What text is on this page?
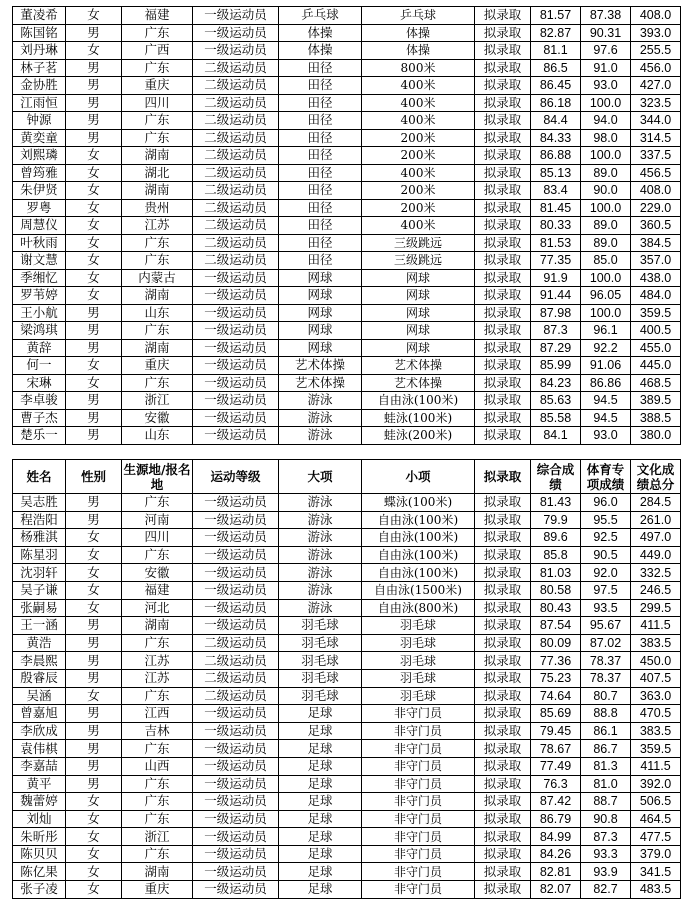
董凌希	女	福建	一级运动员	乒乓球	乒乓球	拟录取	81.57	87.38	408.0
陈国铭	男	广东	一级运动员	体操	体操	拟录取	82.87	90.31	393.0
刘丹琳	女	广西	一级运动员	体操	体操	拟录取	81.1	97.6	255.5
林子茗	男	广东	二级运动员	田径	800米	拟录取	86.5	91.0	456.0
金协胜	男	重庆	二级运动员	田径	400米	拟录取	86.45	93.0	427.0
江雨恒	男	四川	二级运动员	田径	400米	拟录取	86.18	100.0	323.5
钟源	男	广东	二级运动员	田径	400米	拟录取	84.4	94.0	344.0
黄奕童	男	广东	二级运动员	田径	200米	拟录取	84.33	98.0	314.5
刘熙璘	女	湖南	二级运动员	田径	200米	拟录取	86.88	100.0	337.5
曾筠雅	女	湖北	二级运动员	田径	400米	拟录取	85.13	89.0	456.5
朱伊贤	女	湖南	二级运动员	田径	200米	拟录取	83.4	90.0	408.0
罗粤	女	贵州	二级运动员	田径	200米	拟录取	81.45	100.0	229.0
周慧仪	女	江苏	二级运动员	田径	400米	拟录取	80.33	89.0	360.5
叶秋雨	女	广东	二级运动员	田径	三级跳远	拟录取	81.53	89.0	384.5
谢文慧	女	广东	二级运动员	田径	三级跳远	拟录取	77.35	85.0	357.0
季缃忆	女	内蒙古	一级运动员	网球	网球	拟录取	91.9	100.0	438.0
罗苇婷	女	湖南	一级运动员	网球	网球	拟录取	91.44	96.05	484.0
王小航	男	山东	一级运动员	网球	网球	拟录取	87.98	100.0	359.5
梁鸿琪	男	广东	一级运动员	网球	网球	拟录取	87.3	96.1	400.5
黄辞	男	湖南	一级运动员	网球	网球	拟录取	87.29	92.2	455.0
何一	女	重庆	一级运动员	艺术体操	艺术体操	拟录取	85.99	91.06	445.0
宋琳	女	广东	一级运动员	艺术体操	艺术体操	拟录取	84.23	86.86	468.5
李卓骏	男	浙江	一级运动员	游泳	自由泳(100米)	拟录取	85.63	94.5	389.5
曹子杰	男	安徽	一级运动员	游泳	蛙泳(100米)	拟录取	85.58	94.5	388.5
楚乐一	男	山东	一级运动员	游泳	蛙泳(200米)	拟录取	84.1	93.0	380.0
姓名	性别	生源地/报名地	运动等级	大项	小项	拟录取	综合成绩	体育专项成绩	文化成绩总分
吴志胜	男	广东	一级运动员	游泳	蝶泳(100米)	拟录取	81.43	96.0	284.5
程浩阳	男	河南	一级运动员	游泳	自由泳(100米)	拟录取	79.9	95.5	261.0
杨雅淇	女	四川	一级运动员	游泳	自由泳(100米)	拟录取	89.6	92.5	497.0
陈星羽	女	广东	一级运动员	游泳	自由泳(100米)	拟录取	85.8	90.5	449.0
沈羽轩	女	安徽	一级运动员	游泳	自由泳(100米)	拟录取	81.03	92.0	332.5
吴子谦	女	福建	一级运动员	游泳	自由泳(1500米)	拟录取	80.58	97.5	246.5
张嗣易	女	河北	一级运动员	游泳	自由泳(800米)	拟录取	80.43	93.5	299.5
王一涵	男	湖南	一级运动员	羽毛球	羽毛球	拟录取	87.54	95.67	411.5
黄浩	男	广东	二级运动员	羽毛球	羽毛球	拟录取	80.09	87.02	383.5
李晨熙	男	江苏	二级运动员	羽毛球	羽毛球	拟录取	77.36	78.37	450.0
殷睿辰	男	江苏	二级运动员	羽毛球	羽毛球	拟录取	75.23	78.37	407.5
吴涵	女	广东	二级运动员	羽毛球	羽毛球	拟录取	74.64	80.7	363.0
曾嘉旭	男	江西	一级运动员	足球	非守门员	拟录取	85.69	88.8	470.5
李欣成	男	吉林	一级运动员	足球	非守门员	拟录取	79.45	86.1	383.5
袁伟棋	男	广东	一级运动员	足球	非守门员	拟录取	78.67	86.7	359.5
李嘉喆	男	山西	一级运动员	足球	非守门员	拟录取	77.49	81.3	411.5
黄平	男	广东	一级运动员	足球	非守门员	拟录取	76.3	81.0	392.0
魏蕾婷	女	广东	一级运动员	足球	非守门员	拟录取	87.42	88.7	506.5
刘灿	女	广东	一级运动员	足球	非守门员	拟录取	86.79	90.8	464.5
朱昕彤	女	浙江	一级运动员	足球	非守门员	拟录取	84.99	87.3	477.5
陈贝贝	女	广东	一级运动员	足球	非守门员	拟录取	84.26	93.3	379.0
陈亿果	女	湖南	一级运动员	足球	非守门员	拟录取	82.81	93.9	341.5
张子凌	女	重庆	一级运动员	足球	非守门员	拟录取	82.07	82.7	483.5
